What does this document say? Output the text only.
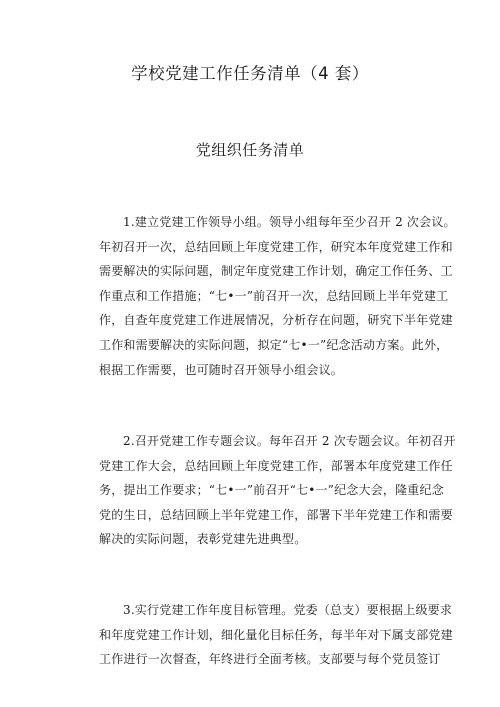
学校党建工作任务清单（4 套）
党组织任务清单
1.建立党建工作领导小组。领导小组每年至少召开 2 次会议。
年初召开一次，总结回顾上年度党建工作，研究本年度党建工作和
需要解决的实际问题，制定年度党建工作计划，确定工作任务、工
作重点和工作措施；“七•一”前召开一次，总结回顾上半年党建工
作，自查年度党建工作进展情况，分析存在问题，研究下半年党建
工作和需要解决的实际问题，拟定“七•一”纪念活动方案。此外，
根据工作需要，也可随时召开领导小组会议。
2.召开党建工作专题会议。每年召开 2 次专题会议。年初召开
党建工作大会，总结回顾上年度党建工作，部署本年度党建工作任
务，提出工作要求；“七•一”前召开“七•一”纪念大会，隆重纪念
党的生日，总结回顾上半年党建工作，部署下半年党建工作和需要
解决的实际问题，表彰党建先进典型。
3.实行党建工作年度目标管理。党委（总支）要根据上级要求
和年度党建工作计划，细化量化目标任务，每半年对下属支部党建
工作进行一次督查，年终进行全面考核。支部要与每个党员签订
